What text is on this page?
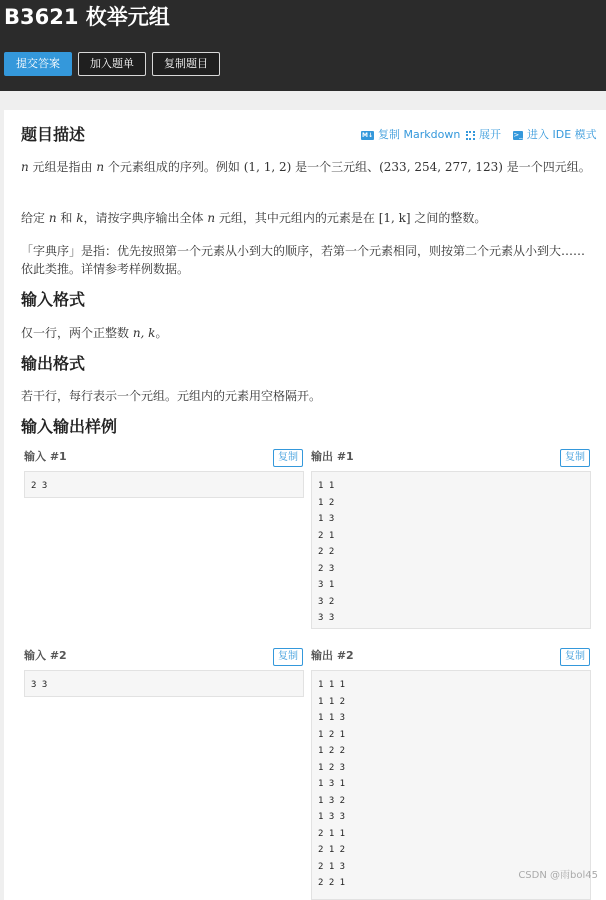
B3621 枚举元组
提交答案	加入题单	复制题目
题目描述	M↓ 复制 Markdown	展开 >_ 进入 IDE 模式
n 元组是指由 n 个元素组成的序列。例如 (1, 1, 2) 是一个三元组、(233, 254, 277, 123) 是一个四元组。
给定 n 和 k，请按字典序输出全体 n 元组，其中元组内的元素是在 [1, k] 之间的整数。
「字典序」是指：优先按照第一个元素从小到大的顺序，若第一个元素相同，则按第二个元素从小到大……依此类推。详情参考样例数据。
输入格式
仅一行，两个正整数 n, k。
输出格式
若干行，每行表示一个元组。元组内的元素用空格隔开。
输入输出样例
输入 #1	复制
2 3
输出 #1	复制
1 1
1 2
1 3
2 1
2 2
2 3
3 1
3 2
3 3
输入 #2	复制
3 3
输出 #2	复制
1 1 1
1 1 2
1 1 3
1 2 1
1 2 2
1 2 3
1 3 1
1 3 2
1 3 3
2 1 1
2 1 2
2 1 3
2 2 1
CSDN @雨bol45
